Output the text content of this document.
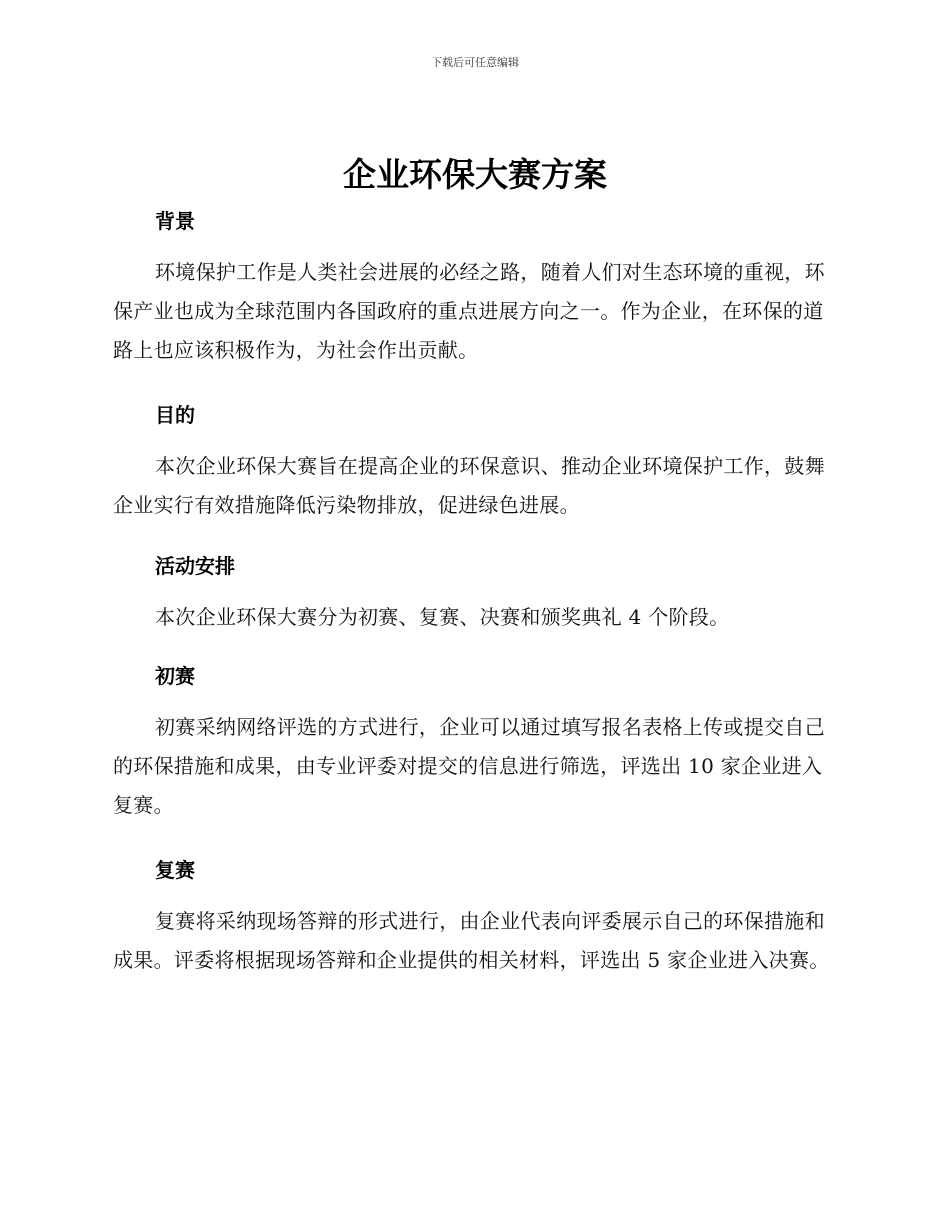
下载后可任意编辑
企业环保大赛方案
背景

环境保护工作是人类社会进展的必经之路，随着人们对生态环境的重视，环保产业也成为全球范围内各国政府的重点进展方向之一。作为企业，在环保的道路上也应该积极作为，为社会作出贡献。

目的

本次企业环保大赛旨在提高企业的环保意识、推动企业环境保护工作，鼓舞企业实行有效措施降低污染物排放，促进绿色进展。

活动安排

本次企业环保大赛分为初赛、复赛、决赛和颁奖典礼 4 个阶段。

初赛

初赛采纳网络评选的方式进行，企业可以通过填写报名表格上传或提交自己的环保措施和成果，由专业评委对提交的信息进行筛选，评选出 10 家企业进入复赛。

复赛

复赛将采纳现场答辩的形式进行，由企业代表向评委展示自己的环保措施和成果。评委将根据现场答辩和企业提供的相关材料，评选出 5 家企业进入决赛。
